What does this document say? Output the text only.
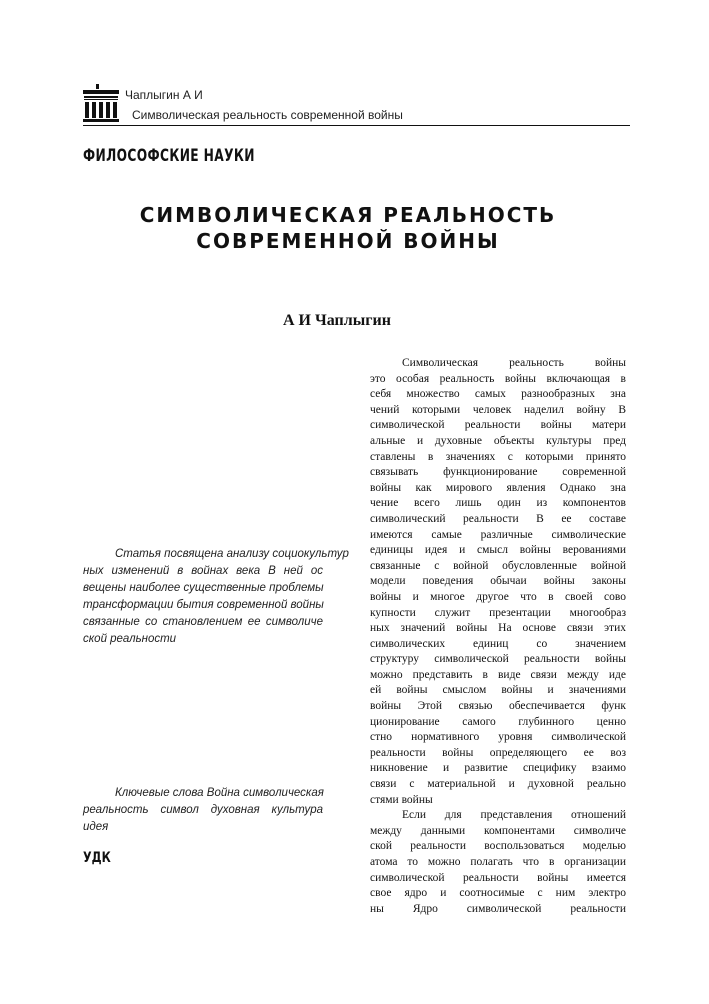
Чаплыгин А И
Символическая реальность современной войны
ФИЛОСОФСКИЕ НАУКИ
СИМВОЛИЧЕСКАЯ РЕАЛЬНОСТЬ
СОВРЕМЕННОЙ ВОЙНЫ
А И Чаплыгин
Статья посвящена анализу социокультур
ных изменений в войнах века В ней ос
вещены наиболее существенные проблемы
трансформации бытия современной войны
связанные со становлением ее символиче
ской реальности
Ключевые слова Война символическая
реальность символ духовная культура
идея
УДК
Символическая реальность войны
это особая реальность войны включающая в
себя множество самых разнообразных зна
чений которыми человек наделил войну В
символической реальности войны матери
альные и духовные объекты культуры пред
ставлены в значениях с которыми принято
связывать функционирование современной
войны как мирового явления Однако зна
чение всего лишь один из компонентов
символический реальности В ее составе
имеются самые различные символические
единицы идея и смысл войны верованиями
связанные с войной обусловленные войной
модели поведения обычаи войны законы
войны и многое другое что в своей сово
купности служит презентации многообраз
ных значений войны На основе связи этих
символических единиц со значением
структуру символической реальности войны
можно представить в виде связи между иде
ей войны смыслом войны и значениями
войны Этой связью обеспечивается функ
ционирование самого глубинного ценно
стно нормативного уровня символической
реальности войны определяющего ее воз
никновение и развитие специфику взаимо
связи с материальной и духовной реально
стями войны
Если для представления отношений
между данными компонентами символиче
ской реальности воспользоваться моделью
атома то можно полагать что в организации
символической реальности войны имеется
свое ядро и соотносимые с ним электро
ны Ядро символической реальности
